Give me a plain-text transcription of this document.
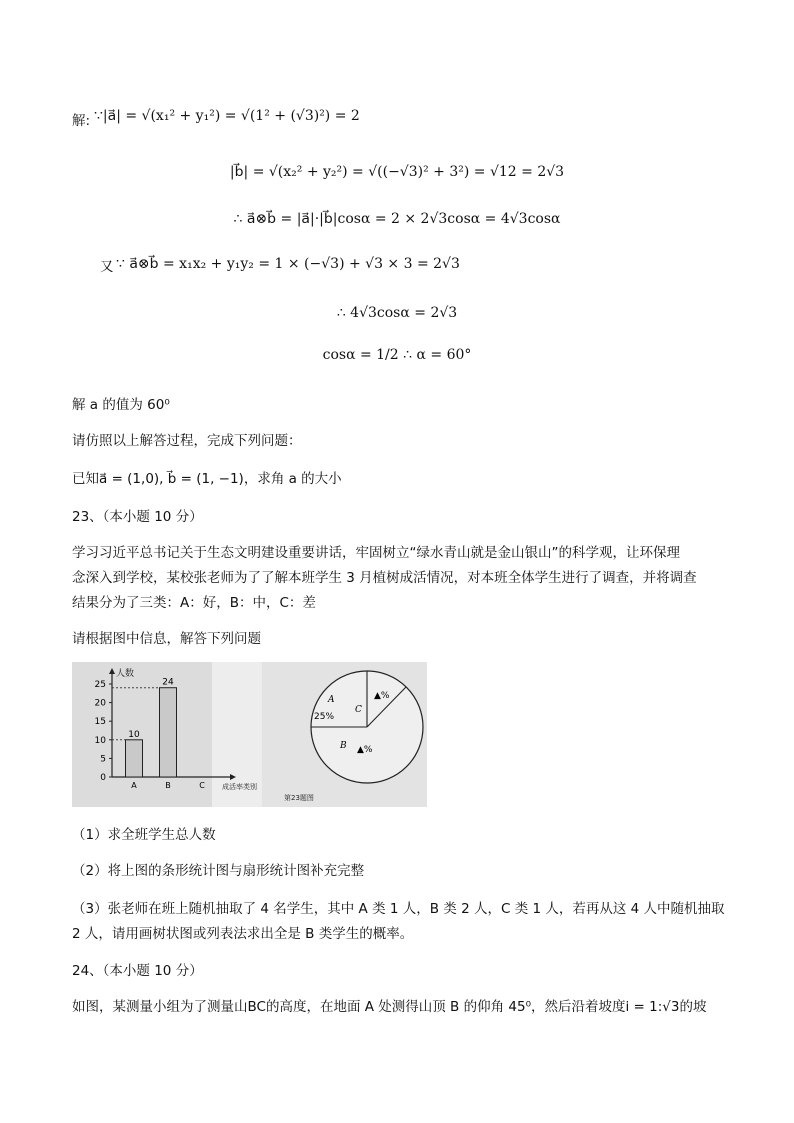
解: ∵|a⃗| = √(x₁² + y₁²) = √(1² + (√3)²) = 2
|b⃗| = √(x₂² + y₂²) = √((−√3)² + 3²) = √12 = 2√3
∴ a⃗⊗b⃗ = |a⃗|·|b⃗|cosα = 2 × 2√3cosα = 4√3cosα
又 ∵ a⃗⊗b⃗ = x₁x₂ + y₁y₂ = 1 × (−√3) + √3 × 3 = 2√3
∴ 4√3cosα = 2√3
cosα = 1/2 ∴ α = 60°
解 a 的值为 60⁰
请仿照以上解答过程，完成下列问题：
已知a⃗ = (1,0), b⃗ = (1, −1)，求角 a 的大小
23、（本小题 10 分）
学习习近平总书记关于生态文明建设重要讲话，牢固树立“绿水青山就是金山银山”的科学观，让环保理
念深入到学校，某校张老师为了了解本班学生 3 月植树成活情况，对本班全体学生进行了调查，并将调查
结果分为了三类：A：好，B：中，C：差
请根据图中信息，解答下列问题
人数
成活率类别
0
5
10
15
20
25
A
10
B
24
C
A
25%
C
▲%
B ▲%
第23题图
（1）求全班学生总人数
（2）将上图的条形统计图与扇形统计图补充完整
（3）张老师在班上随机抽取了 4 名学生，其中 A 类 1 人，B 类 2 人，C 类 1 人，若再从这 4 人中随机抽取
2 人，请用画树状图或列表法求出全是 B 类学生的概率。
24、（本小题 10 分）
如图，某测量小组为了测量山BC的高度，在地面 A 处测得山顶 B 的仰角 45⁰，然后沿着坡度i = 1:√3的坡
